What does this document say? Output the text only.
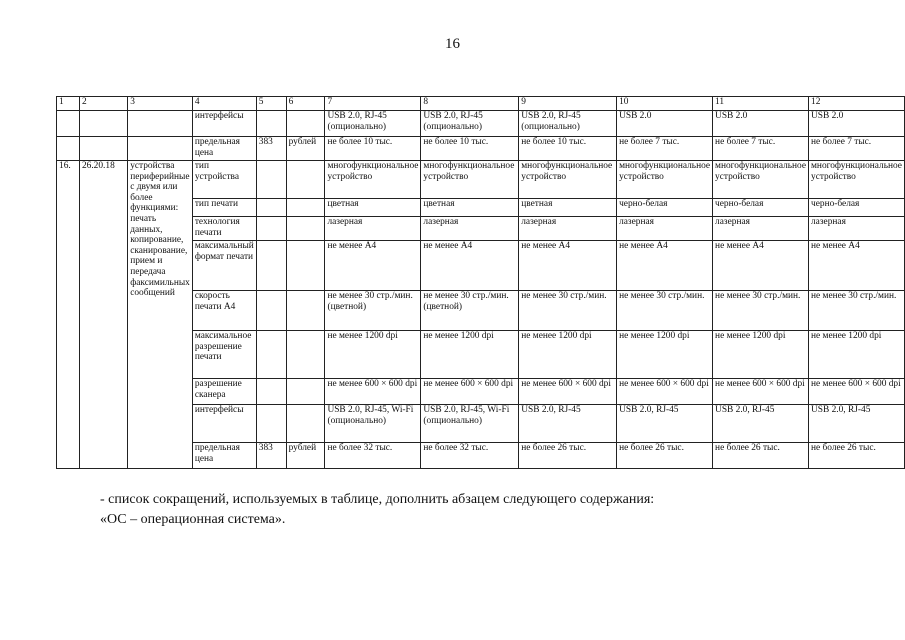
16
1	2	3	4	5	6	7	8	9	10	11	12
			интерфейсы			USB 2.0, RJ-45 (опционально)	USB 2.0, RJ-45 (опционально)	USB 2.0, RJ-45 (опционально)	USB 2.0	USB 2.0	USB 2.0
			предельная цена	383	рублей	не более 10 тыс.	не более 10 тыс.	не более 10 тыс.	не более 7 тыс.	не более 7 тыс.	не более 7 тыс.
16.	26.20.18	устройства периферийные с двумя или более функциями: печать данных, копирование, сканирование, прием и передача факсимильных сообщений	тип устройства			многофункциональное устройство	многофункциональное устройство	многофункциональное устройство	многофункциональное устройство	многофункциональное устройство	многофункциональное устройство
			тип печати			цветная	цветная	цветная	черно-белая	черно-белая	черно-белая
			технология печати			лазерная	лазерная	лазерная	лазерная	лазерная	лазерная
			максимальный формат печати			не менее А4	не менее А4	не менее А4	не менее А4	не менее А4	не менее А4
			скорость печати А4			не менее 30 стр./мин. (цветной)	не менее 30 стр./мин. (цветной)	не менее 30 стр./мин.	не менее 30 стр./мин.	не менее 30 стр./мин.	не менее 30 стр./мин.
			максимальное разрешение печати			не менее 1200 dpi	не менее 1200 dpi	не менее 1200 dpi	не менее 1200 dpi	не менее 1200 dpi	не менее 1200 dpi
			разрешение сканера			не менее 600 × 600 dpi	не менее 600 × 600 dpi	не менее 600 × 600 dpi	не менее 600 × 600 dpi	не менее 600 × 600 dpi	не менее 600 × 600 dpi
			интерфейсы			USB 2.0, RJ-45, Wi-Fi (опционально)	USB 2.0, RJ-45, Wi-Fi (опционально)	USB 2.0, RJ-45	USB 2.0, RJ-45	USB 2.0, RJ-45	USB 2.0, RJ-45
			предельная цена	383	рублей	не более 32 тыс.	не более 32 тыс.	не более 26 тыс.	не более 26 тыс.	не более 26 тыс.	не более 26 тыс.
- список сокращений, используемых в таблице, дополнить абзацем следующего содержания:
«ОС – операционная система».
